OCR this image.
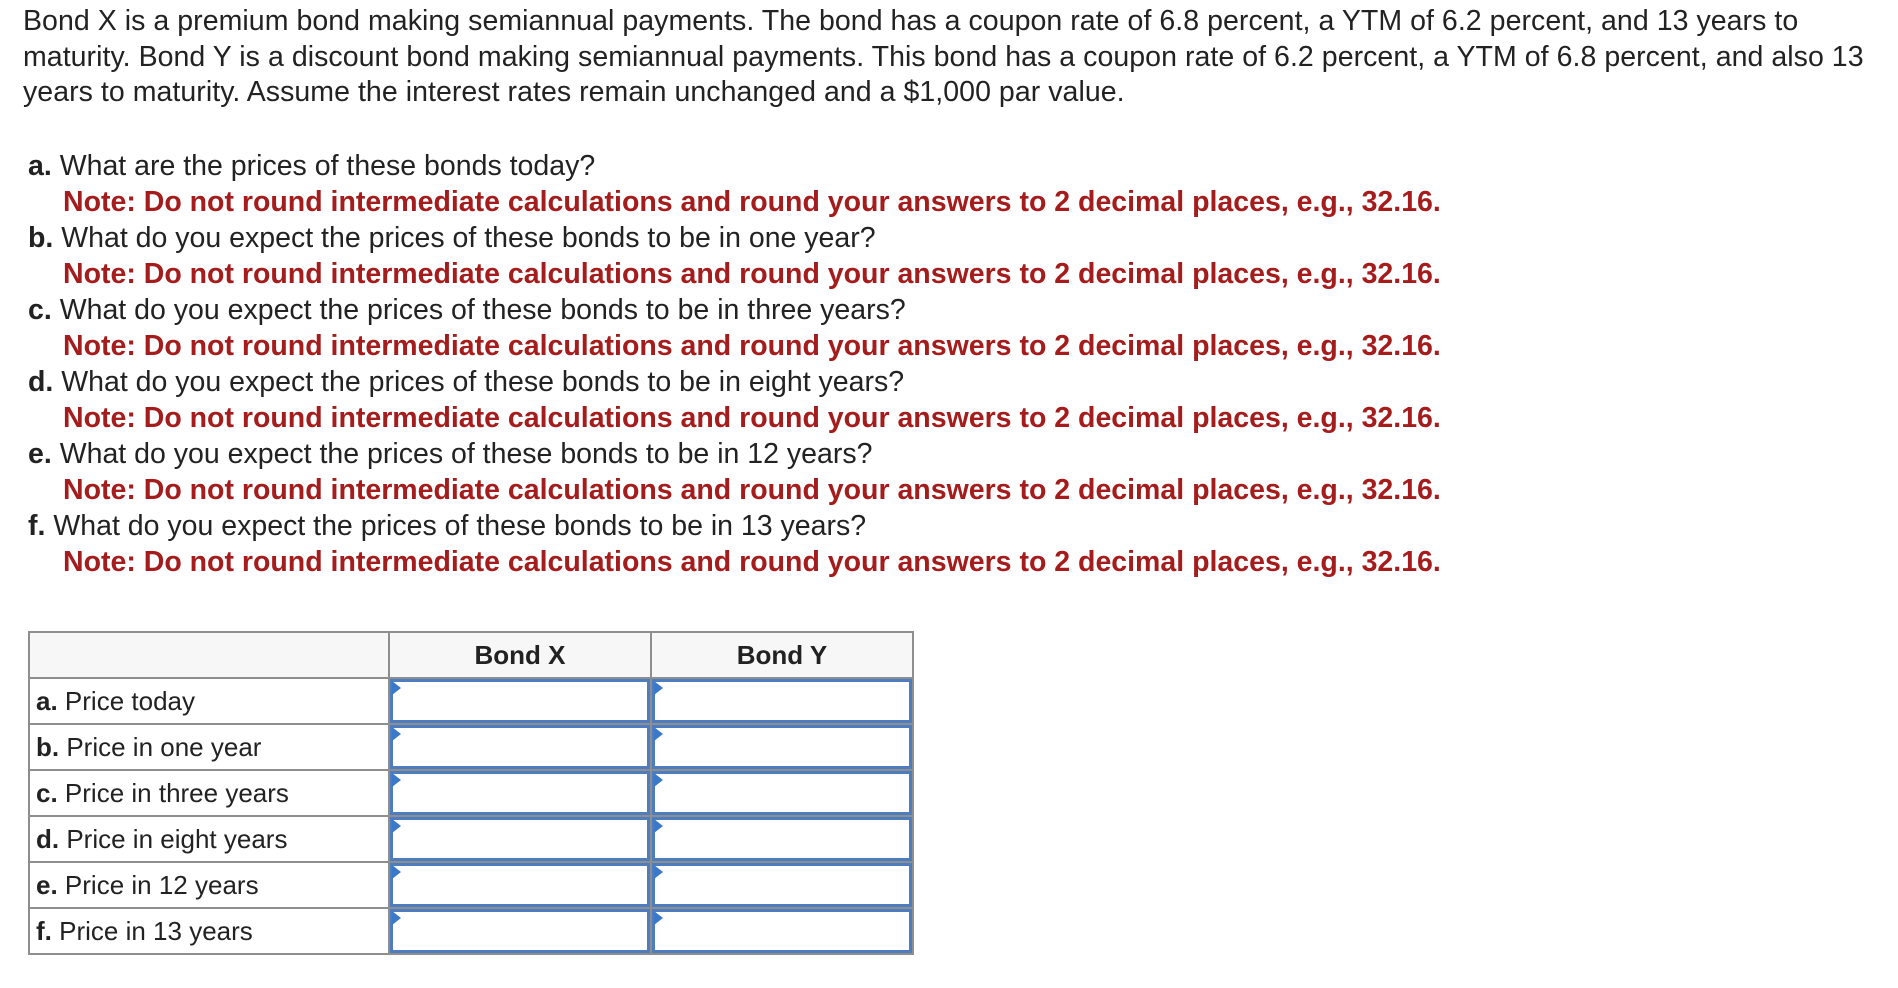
Bond X is a premium bond making semiannual payments. The bond has a coupon rate of 6.8 percent, a YTM of 6.2 percent, and 13 years to maturity. Bond Y is a discount bond making semiannual payments. This bond has a coupon rate of 6.2 percent, a YTM of 6.8 percent, and also 13 years to maturity. Assume the interest rates remain unchanged and a $1,000 par value.

a. What are the prices of these bonds today?
Note: Do not round intermediate calculations and round your answers to 2 decimal places, e.g., 32.16.
b. What do you expect the prices of these bonds to be in one year?
Note: Do not round intermediate calculations and round your answers to 2 decimal places, e.g., 32.16.
c. What do you expect the prices of these bonds to be in three years?
Note: Do not round intermediate calculations and round your answers to 2 decimal places, e.g., 32.16.
d. What do you expect the prices of these bonds to be in eight years?
Note: Do not round intermediate calculations and round your answers to 2 decimal places, e.g., 32.16.
e. What do you expect the prices of these bonds to be in 12 years?
Note: Do not round intermediate calculations and round your answers to 2 decimal places, e.g., 32.16.
f. What do you expect the prices of these bonds to be in 13 years?
Note: Do not round intermediate calculations and round your answers to 2 decimal places, e.g., 32.16.
	Bond X	Bond Y
a. Price today	

b. Price in one year	

c. Price in three years	

d. Price in eight years	

e. Price in 12 years	

f. Price in 13 years	
